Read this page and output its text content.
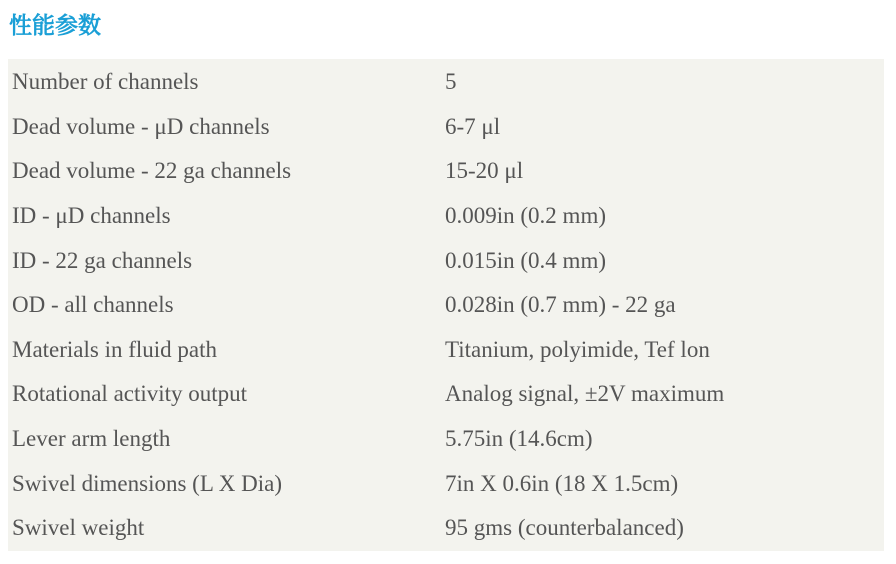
性能参数
Number of channels	5
Dead volume - μD channels	6-7 μl
Dead volume - 22 ga channels	15-20 μl
ID - μD channels	0.009in (0.2 mm)
ID - 22 ga channels	0.015in (0.4 mm)
OD - all channels	0.028in (0.7 mm) - 22 ga
Materials in fluid path	Titanium, polyimide, Tef lon
Rotational activity output	Analog signal, ±2V maximum
Lever arm length	5.75in (14.6cm)
Swivel dimensions (L X Dia)	7in X 0.6in (18 X 1.5cm)
Swivel weight	95 gms (counterbalanced)
